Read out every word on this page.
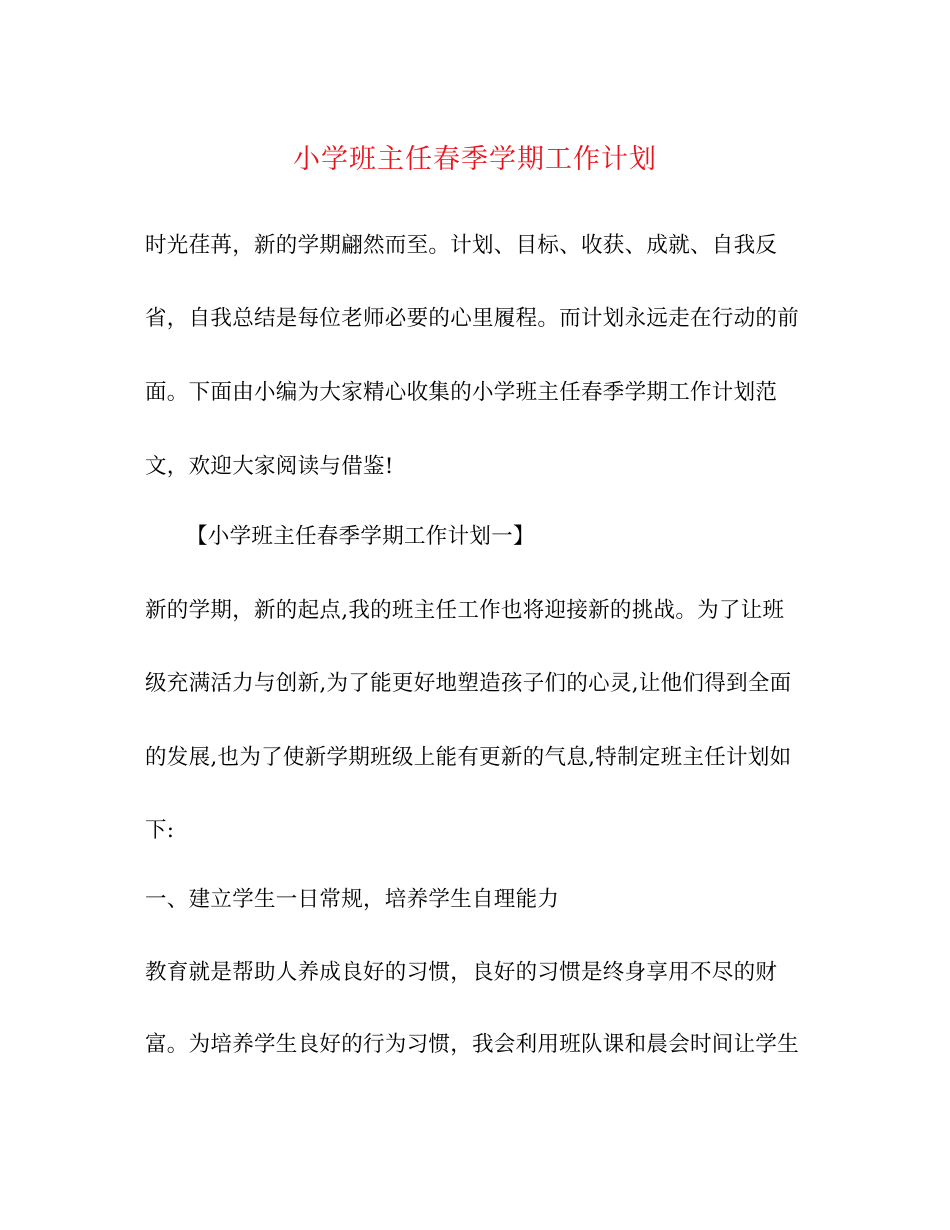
小学班主任春季学期工作计划
时光荏苒，新的学期翩然而至。计划、目标、收获、成就、自我反
省，自我总结是每位老师必要的心里履程。而计划永远走在行动的前
面。下面由小编为大家精心收集的小学班主任春季学期工作计划范
文，欢迎大家阅读与借鉴!
【小学班主任春季学期工作计划一】
新的学期，新的起点,我的班主任工作也将迎接新的挑战。为了让班
级充满活力与创新,为了能更好地塑造孩子们的心灵,让他们得到全面
的发展,也为了使新学期班级上能有更新的气息,特制定班主任计划如
下:
一、建立学生一日常规，培养学生自理能力
教育就是帮助人养成良好的习惯，良好的习惯是终身享用不尽的财
富。为培养学生良好的行为习惯，我会利用班队课和晨会时间让学生
